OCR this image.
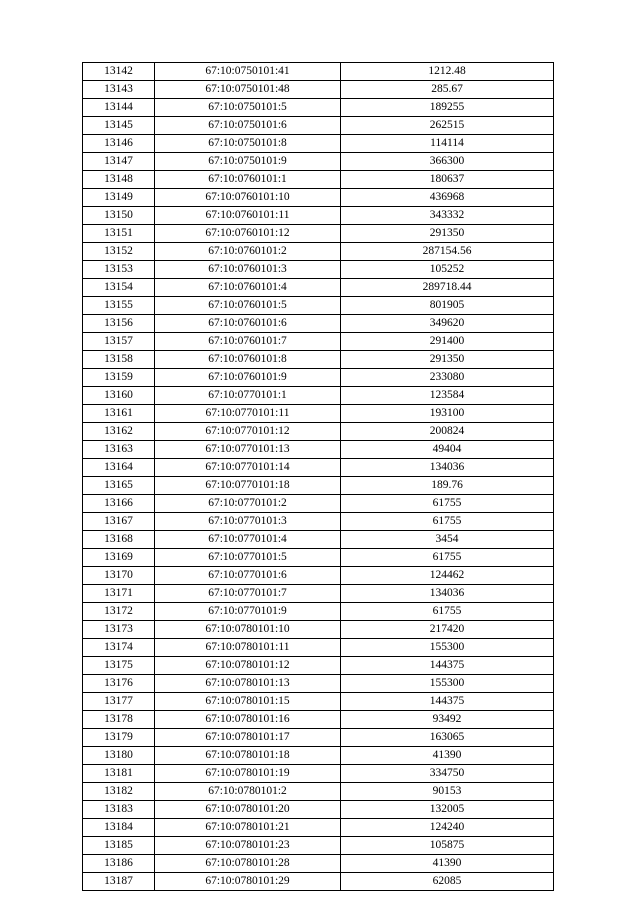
13142	67:10:0750101:41	1212.48
13143	67:10:0750101:48	285.67
13144	67:10:0750101:5	189255
13145	67:10:0750101:6	262515
13146	67:10:0750101:8	114114
13147	67:10:0750101:9	366300
13148	67:10:0760101:1	180637
13149	67:10:0760101:10	436968
13150	67:10:0760101:11	343332
13151	67:10:0760101:12	291350
13152	67:10:0760101:2	287154.56
13153	67:10:0760101:3	105252
13154	67:10:0760101:4	289718.44
13155	67:10:0760101:5	801905
13156	67:10:0760101:6	349620
13157	67:10:0760101:7	291400
13158	67:10:0760101:8	291350
13159	67:10:0760101:9	233080
13160	67:10:0770101:1	123584
13161	67:10:0770101:11	193100
13162	67:10:0770101:12	200824
13163	67:10:0770101:13	49404
13164	67:10:0770101:14	134036
13165	67:10:0770101:18	189.76
13166	67:10:0770101:2	61755
13167	67:10:0770101:3	61755
13168	67:10:0770101:4	3454
13169	67:10:0770101:5	61755
13170	67:10:0770101:6	124462
13171	67:10:0770101:7	134036
13172	67:10:0770101:9	61755
13173	67:10:0780101:10	217420
13174	67:10:0780101:11	155300
13175	67:10:0780101:12	144375
13176	67:10:0780101:13	155300
13177	67:10:0780101:15	144375
13178	67:10:0780101:16	93492
13179	67:10:0780101:17	163065
13180	67:10:0780101:18	41390
13181	67:10:0780101:19	334750
13182	67:10:0780101:2	90153
13183	67:10:0780101:20	132005
13184	67:10:0780101:21	124240
13185	67:10:0780101:23	105875
13186	67:10:0780101:28	41390
13187	67:10:0780101:29	62085
